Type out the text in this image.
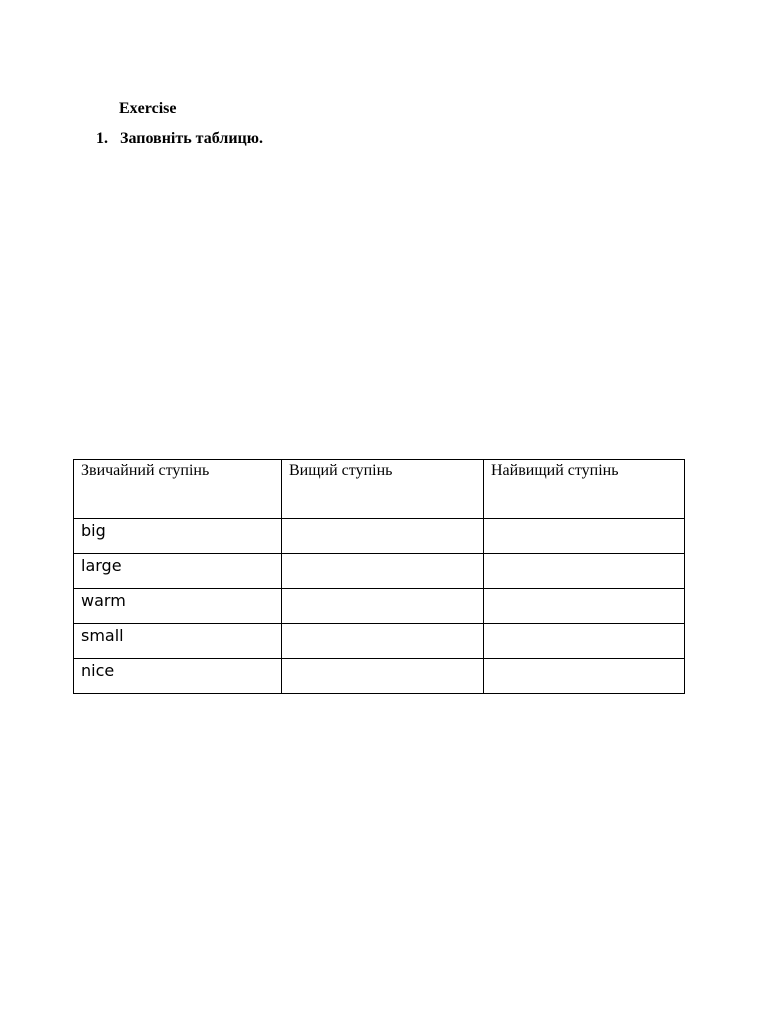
Exercise
1. Заповніть таблицю.
Звичайний ступінь	Вищий ступінь	Найвищий ступінь
big		
large		
warm		
small		
nice		
